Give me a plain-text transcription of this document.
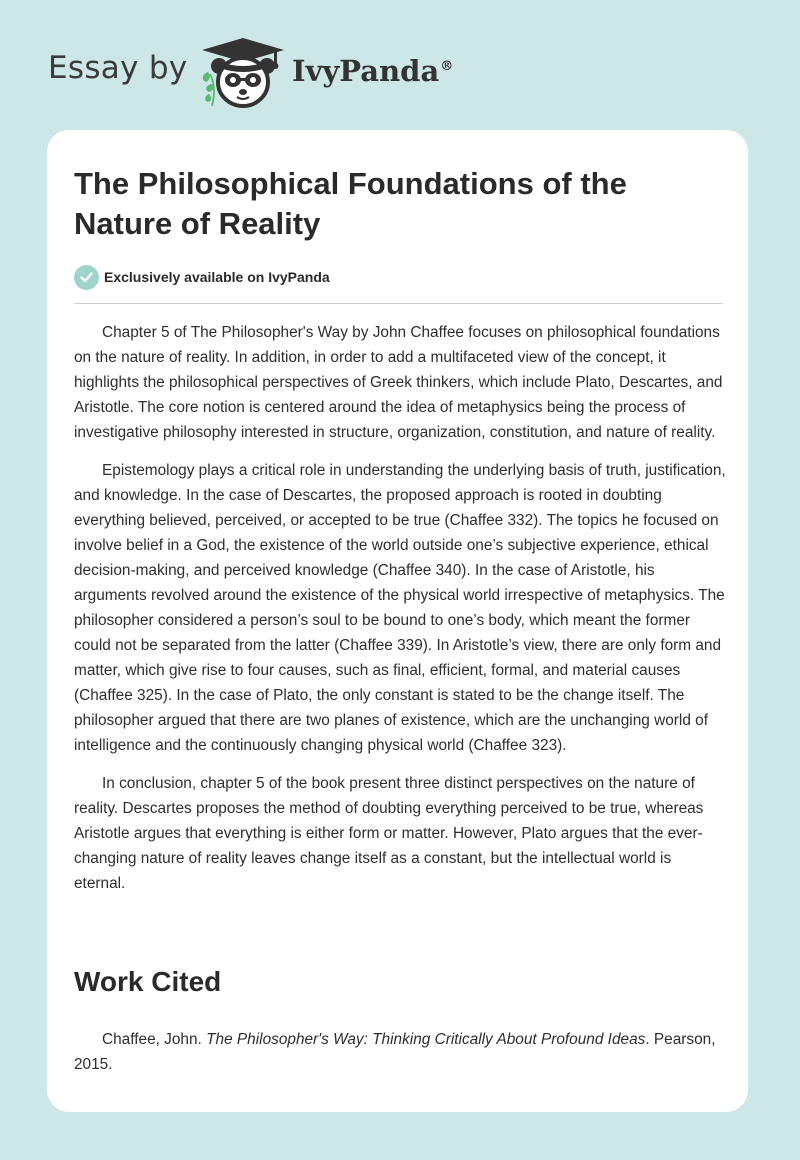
Essay by	IvyPanda®
The Philosophical Foundations of the Nature of Reality
Exclusively available on IvyPanda

Chapter 5 of The Philosopher's Way by John Chaffee focuses on philosophical foundations on the nature of reality. In addition, in order to add a multifaceted view of the concept, it highlights the philosophical perspectives of Greek thinkers, which include Plato, Descartes, and Aristotle. The core notion is centered around the idea of metaphysics being the process of investigative philosophy interested in structure, organization, constitution, and nature of reality.

Epistemology plays a critical role in understanding the underlying basis of truth, justification, and knowledge. In the case of Descartes, the proposed approach is rooted in doubting everything believed, perceived, or accepted to be true (Chaffee 332). The topics he focused on involve belief in a God, the existence of the world outside one’s subjective experience, ethical decision-making, and perceived knowledge (Chaffee 340). In the case of Aristotle, his arguments revolved around the existence of the physical world irrespective of metaphysics. The philosopher considered a person’s soul to be bound to one’s body, which meant the former could not be separated from the latter (Chaffee 339). In Aristotle’s view, there are only form and matter, which give rise to four causes, such as final, efficient, formal, and material causes (Chaffee 325). In the case of Plato, the only constant is stated to be the change itself. The philosopher argued that there are two planes of existence, which are the unchanging world of intelligence and the continuously changing physical world (Chaffee 323).

In conclusion, chapter 5 of the book present three distinct perspectives on the nature of reality. Descartes proposes the method of doubting everything perceived to be true, whereas Aristotle argues that everything is either form or matter. However, Plato argues that the ever-changing nature of reality leaves change itself as a constant, but the intellectual world is eternal.

Work Cited

Chaffee, John. The Philosopher's Way: Thinking Critically About Profound Ideas. Pearson, 2015.
